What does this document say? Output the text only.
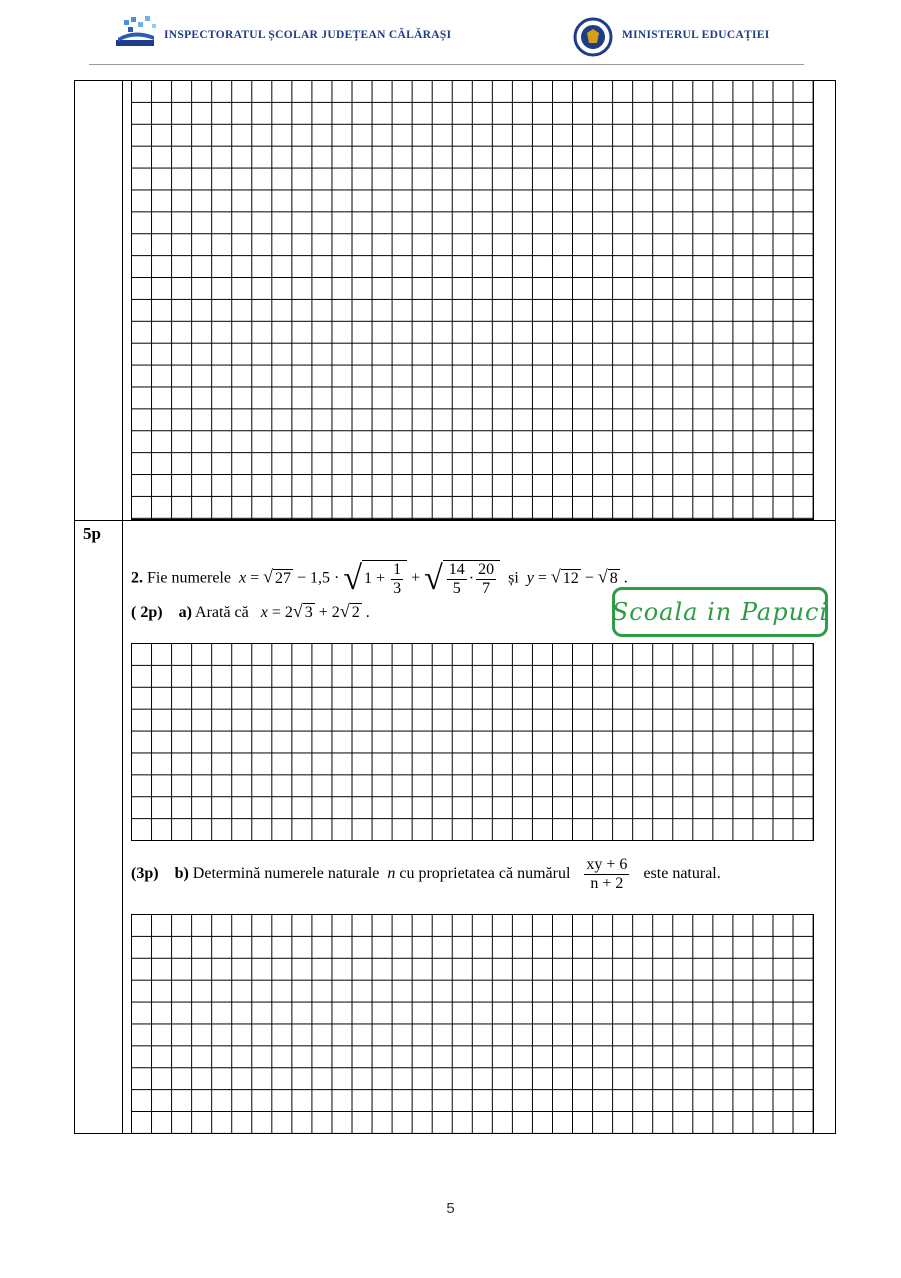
INSPECTORATUL ȘCOLAR JUDEȚEAN CĂLĂRAȘI	MINISTERUL EDUCAȚIEI
5p
2. Fie numerele x = √ 27 − 1,5 · √ $1 + \frac{1}{3}$ + √ $\frac{14}{5} \cdot \frac{20}{7}$ și y = √ 12 − √ 8 .
( 2p) a) Arată că x = 2√ 3 + 2√ 2 .	Scoala in Papuci
(3p) b) Determină numerele naturale n cu proprietatea că numărul $\frac{xy + 6}{n + 2}$ este natural.
5
